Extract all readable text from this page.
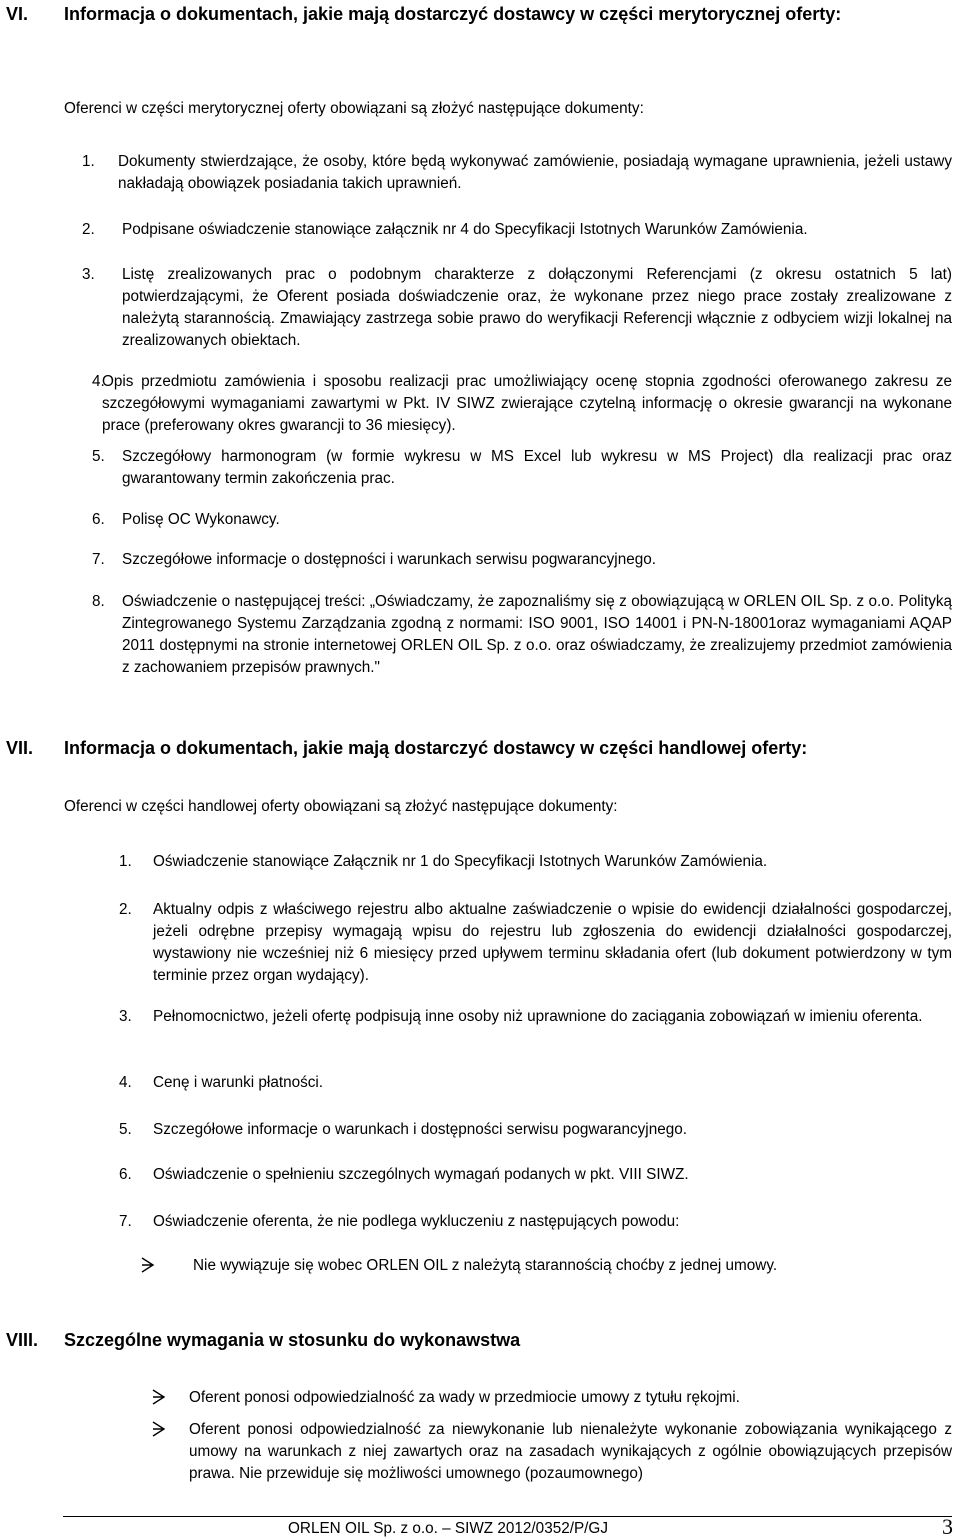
VI. Informacja o dokumentach, jakie mają dostarczyć dostawcy w części merytorycznej oferty:
Oferenci w części merytorycznej oferty obowiązani są złożyć następujące dokumenty:
1. Dokumenty stwierdzające, że osoby, które będą wykonywać zamówienie, posiadają wymagane uprawnienia, jeżeli ustawy nakładają obowiązek posiadania takich uprawnień.
2. Podpisane oświadczenie stanowiące załącznik nr 4 do Specyfikacji Istotnych Warunków Zamówienia.
3. Listę zrealizowanych prac o podobnym charakterze z dołączonymi Referencjami (z okresu ostatnich 5 lat) potwierdzającymi, że Oferent posiada doświadczenie oraz, że wykonane przez niego prace zostały zrealizowane z należytą starannością. Zmawiający zastrzega sobie prawo do weryfikacji Referencji włącznie z odbyciem wizji lokalnej na zrealizowanych obiektach.
4.
Opis przedmiotu zamówienia i sposobu realizacji prac umożliwiający ocenę stopnia zgodności oferowanego zakresu ze szczegółowymi wymaganiami zawartymi w Pkt. IV SIWZ zwierające czytelną informację o okresie gwarancji na wykonane prace (preferowany okres gwarancji to 36 miesięcy).
5. Szczegółowy harmonogram (w formie wykresu w MS Excel lub wykresu w MS Project) dla realizacji prac oraz gwarantowany termin zakończenia prac.
6. Polisę OC Wykonawcy.
7. Szczegółowe informacje o dostępności i warunkach serwisu pogwarancyjnego.
8. Oświadczenie o następującej treści: „Oświadczamy, że zapoznaliśmy się z obowiązującą w ORLEN OIL Sp. z o.o. Polityką Zintegrowanego Systemu Zarządzania zgodną z normami: ISO 9001, ISO 14001 i PN-N-18001oraz wymaganiami AQAP 2011 dostępnymi na stronie internetowej ORLEN OIL Sp. z o.o. oraz oświadczamy, że zrealizujemy przedmiot zamówienia z zachowaniem przepisów prawnych."
VII. Informacja o dokumentach, jakie mają dostarczyć dostawcy w części handlowej oferty:
Oferenci w części handlowej oferty obowiązani są złożyć następujące dokumenty:
1. Oświadczenie stanowiące Załącznik nr 1 do Specyfikacji Istotnych Warunków Zamówienia.
2. Aktualny odpis z właściwego rejestru albo aktualne zaświadczenie o wpisie do ewidencji działalności gospodarczej, jeżeli odrębne przepisy wymagają wpisu do rejestru lub zgłoszenia do ewidencji działalności gospodarczej, wystawiony nie wcześniej niż 6 miesięcy przed upływem terminu składania ofert (lub dokument potwierdzony w tym terminie przez organ wydający).
3. Pełnomocnictwo, jeżeli ofertę podpisują inne osoby niż uprawnione do zaciągania zobowiązań w imieniu oferenta.
4. Cenę i warunki płatności.
5. Szczegółowe informacje o warunkach i dostępności serwisu pogwarancyjnego.
6. Oświadczenie o spełnieniu szczególnych wymagań podanych w pkt. VIII SIWZ.
7. Oświadczenie oferenta, że nie podlega wykluczeniu z następujących powodu:
Nie wywiązuje się wobec ORLEN OIL z należytą starannością choćby z jednej umowy.
VIII. Szczególne wymagania w stosunku do wykonawstwa
Oferent ponosi odpowiedzialność za wady w przedmiocie umowy z tytułu rękojmi.
Oferent ponosi odpowiedzialność za niewykonanie lub nienależyte wykonanie zobowiązania wynikającego z umowy na warunkach z niej zawartych oraz na zasadach wynikających z ogólnie obowiązujących przepisów prawa. Nie przewiduje się możliwości umownego (pozaumownego)
ORLEN OIL Sp. z o.o. – SIWZ 2012/0352/P/GJ	3
